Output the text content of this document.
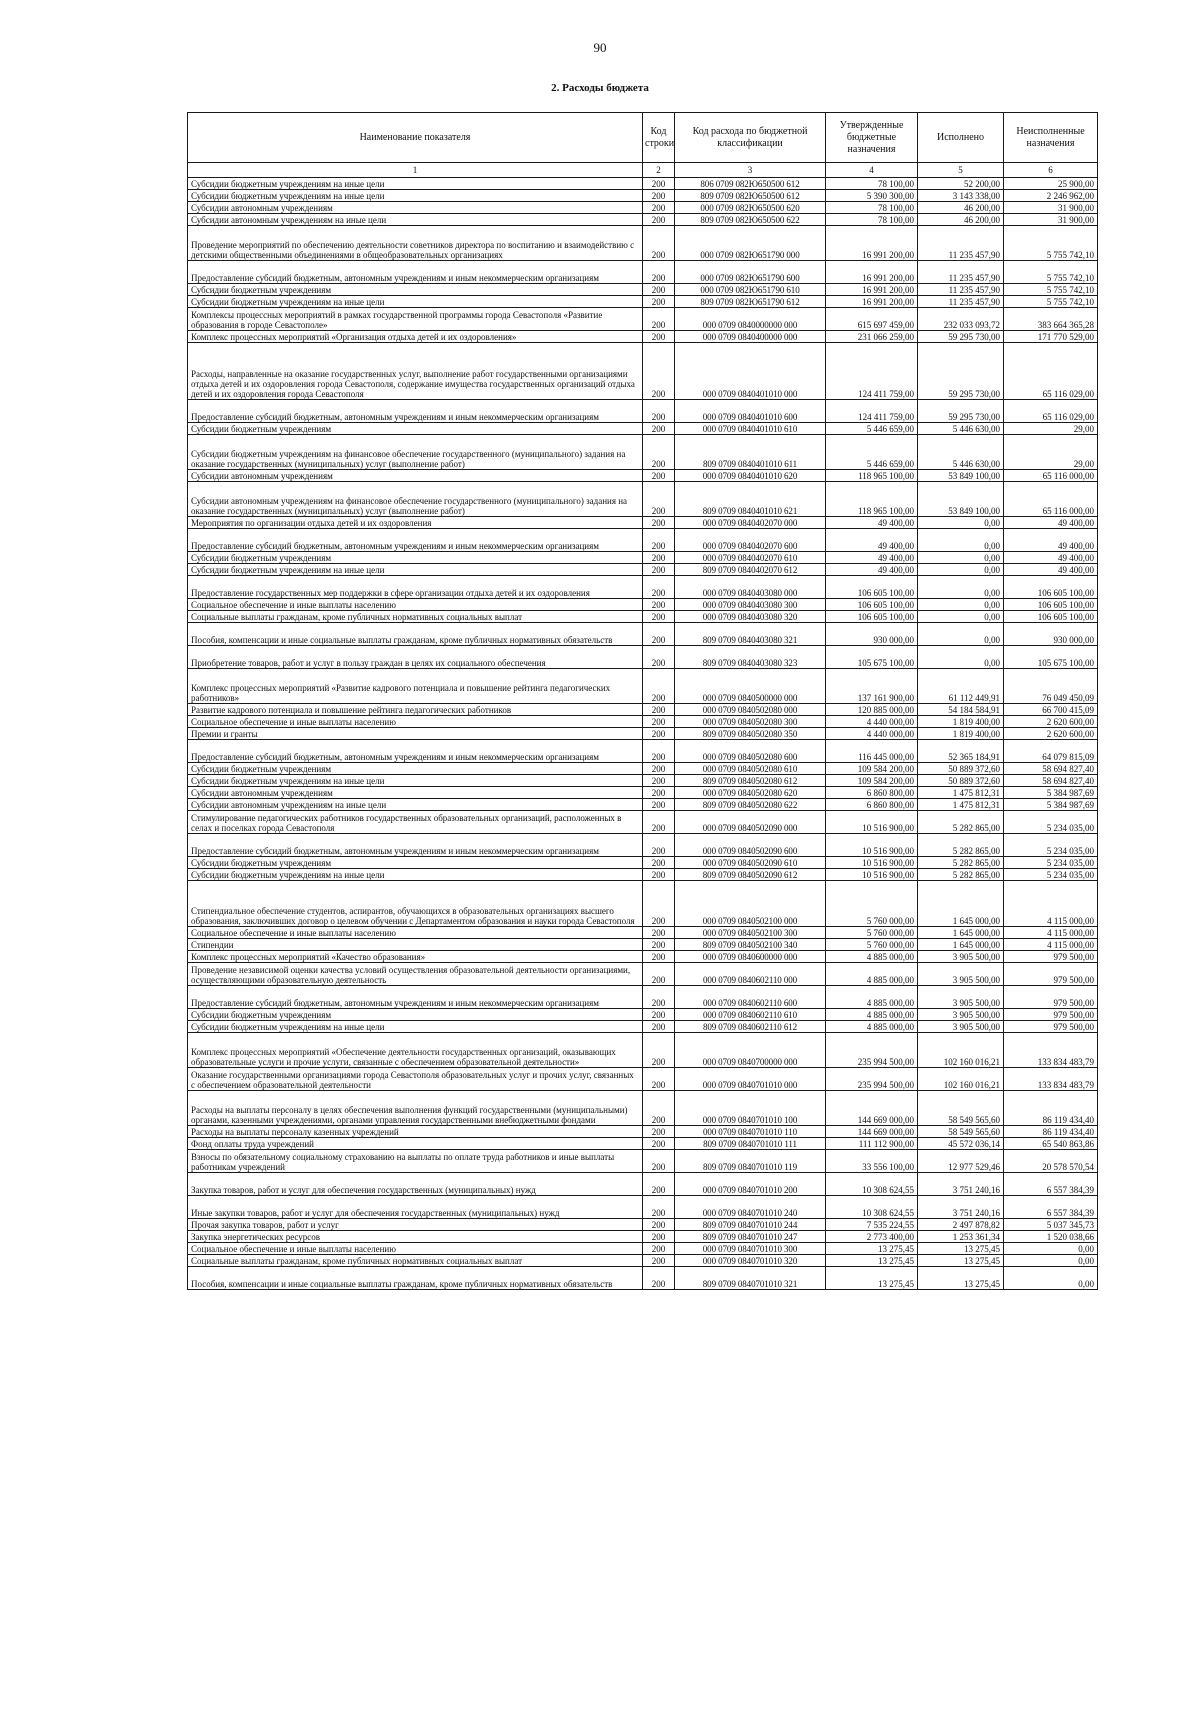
90
2. Расходы бюджета
Наименование показателя	Код строки	Код расхода по бюджетной классификации	Утвержденные бюджетные назначения	Исполнено	Неисполненные назначения
1	2	3	4	5	6
Субсидии бюджетным учреждениям на иные цели	200	806 0709 082Ю650500 612	78 100,00	52 200,00	25 900,00
Субсидии бюджетным учреждениям на иные цели	200	809 0709 082Ю650500 612	5 390 300,00	3 143 338,00	2 246 962,00
Субсидии автономным учреждениям	200	000 0709 082Ю650500 620	78 100,00	46 200,00	31 900,00
Субсидии автономным учреждениям на иные цели	200	809 0709 082Ю650500 622	78 100,00	46 200,00	31 900,00
Проведение мероприятий по обеспечению деятельности советников директора по воспитанию и взаимодействию с детскими общественными объединениями в общеобразовательных организациях	200	000 0709 082Ю651790 000	16 991 200,00	11 235 457,90	5 755 742,10
Предоставление субсидий бюджетным, автономным учреждениям и иным некоммерческим организациям	200	000 0709 082Ю651790 600	16 991 200,00	11 235 457,90	5 755 742,10
Субсидии бюджетным учреждениям	200	000 0709 082Ю651790 610	16 991 200,00	11 235 457,90	5 755 742,10
Субсидии бюджетным учреждениям на иные цели	200	809 0709 082Ю651790 612	16 991 200,00	11 235 457,90	5 755 742,10
Комплексы процессных мероприятий в рамках государственной программы города Севастополя «Развитие образования в городе Севастополе»	200	000 0709 0840000000 000	615 697 459,00	232 033 093,72	383 664 365,28
Комплекс процессных мероприятий «Организация отдыха детей и их оздоровления»	200	000 0709 0840400000 000	231 066 259,00	59 295 730,00	171 770 529,00
Расходы, направленные на оказание государственных услуг, выполнение работ государственными организациями отдыха детей и их оздоровления города Севастополя, содержание имущества государственных организаций отдыха детей и их оздоровления города Севастополя	200	000 0709 0840401010 000	124 411 759,00	59 295 730,00	65 116 029,00
Предоставление субсидий бюджетным, автономным учреждениям и иным некоммерческим организациям	200	000 0709 0840401010 600	124 411 759,00	59 295 730,00	65 116 029,00
Субсидии бюджетным учреждениям	200	000 0709 0840401010 610	5 446 659,00	5 446 630,00	29,00
Субсидии бюджетным учреждениям на финансовое обеспечение государственного (муниципального) задания на оказание государственных (муниципальных) услуг (выполнение работ)	200	809 0709 0840401010 611	5 446 659,00	5 446 630,00	29,00
Субсидии автономным учреждениям	200	000 0709 0840401010 620	118 965 100,00	53 849 100,00	65 116 000,00
Субсидии автономным учреждениям на финансовое обеспечение государственного (муниципального) задания на оказание государственных (муниципальных) услуг (выполнение работ)	200	809 0709 0840401010 621	118 965 100,00	53 849 100,00	65 116 000,00
Мероприятия по организации отдыха детей и их оздоровления	200	000 0709 0840402070 000	49 400,00	0,00	49 400,00
Предоставление субсидий бюджетным, автономным учреждениям и иным некоммерческим организациям	200	000 0709 0840402070 600	49 400,00	0,00	49 400,00
Субсидии бюджетным учреждениям	200	000 0709 0840402070 610	49 400,00	0,00	49 400,00
Субсидии бюджетным учреждениям на иные цели	200	809 0709 0840402070 612	49 400,00	0,00	49 400,00
Предоставление государственных мер поддержки в сфере организации отдыха детей и их оздоровления	200	000 0709 0840403080 000	106 605 100,00	0,00	106 605 100,00
Социальное обеспечение и иные выплаты населению	200	000 0709 0840403080 300	106 605 100,00	0,00	106 605 100,00
Социальные выплаты гражданам, кроме публичных нормативных социальных выплат	200	000 0709 0840403080 320	106 605 100,00	0,00	106 605 100,00
Пособия, компенсации и иные социальные выплаты гражданам, кроме публичных нормативных обязательств	200	809 0709 0840403080 321	930 000,00	0,00	930 000,00
Приобретение товаров, работ и услуг в пользу граждан в целях их социального обеспечения	200	809 0709 0840403080 323	105 675 100,00	0,00	105 675 100,00
Комплекс процессных мероприятий «Развитие кадрового потенциала и повышение рейтинга педагогических работников»	200	000 0709 0840500000 000	137 161 900,00	61 112 449,91	76 049 450,09
Развитие кадрового потенциала и повышение рейтинга педагогических работников	200	000 0709 0840502080 000	120 885 000,00	54 184 584,91	66 700 415,09
Социальное обеспечение и иные выплаты населению	200	000 0709 0840502080 300	4 440 000,00	1 819 400,00	2 620 600,00
Премии и гранты	200	809 0709 0840502080 350	4 440 000,00	1 819 400,00	2 620 600,00
Предоставление субсидий бюджетным, автономным учреждениям и иным некоммерческим организациям	200	000 0709 0840502080 600	116 445 000,00	52 365 184,91	64 079 815,09
Субсидии бюджетным учреждениям	200	000 0709 0840502080 610	109 584 200,00	50 889 372,60	58 694 827,40
Субсидии бюджетным учреждениям на иные цели	200	809 0709 0840502080 612	109 584 200,00	50 889 372,60	58 694 827,40
Субсидии автономным учреждениям	200	000 0709 0840502080 620	6 860 800,00	1 475 812,31	5 384 987,69
Субсидии автономным учреждениям на иные цели	200	809 0709 0840502080 622	6 860 800,00	1 475 812,31	5 384 987,69
Стимулирование педагогических работников государственных образовательных организаций, расположенных в селах и поселках города Севастополя	200	000 0709 0840502090 000	10 516 900,00	5 282 865,00	5 234 035,00
Предоставление субсидий бюджетным, автономным учреждениям и иным некоммерческим организациям	200	000 0709 0840502090 600	10 516 900,00	5 282 865,00	5 234 035,00
Субсидии бюджетным учреждениям	200	000 0709 0840502090 610	10 516 900,00	5 282 865,00	5 234 035,00
Субсидии бюджетным учреждениям на иные цели	200	809 0709 0840502090 612	10 516 900,00	5 282 865,00	5 234 035,00
Стипендиальное обеспечение студентов, аспирантов, обучающихся в образовательных организациях высшего образования, заключивших договор о целевом обучении с Департаментом образования и науки города Севастополя	200	000 0709 0840502100 000	5 760 000,00	1 645 000,00	4 115 000,00
Социальное обеспечение и иные выплаты населению	200	000 0709 0840502100 300	5 760 000,00	1 645 000,00	4 115 000,00
Стипендии	200	809 0709 0840502100 340	5 760 000,00	1 645 000,00	4 115 000,00
Комплекс процессных мероприятий «Качество образования»	200	000 0709 0840600000 000	4 885 000,00	3 905 500,00	979 500,00
Проведение независимой оценки качества условий осуществления образовательной деятельности организациями, осуществляющими образовательную деятельность	200	000 0709 0840602110 000	4 885 000,00	3 905 500,00	979 500,00
Предоставление субсидий бюджетным, автономным учреждениям и иным некоммерческим организациям	200	000 0709 0840602110 600	4 885 000,00	3 905 500,00	979 500,00
Субсидии бюджетным учреждениям	200	000 0709 0840602110 610	4 885 000,00	3 905 500,00	979 500,00
Субсидии бюджетным учреждениям на иные цели	200	809 0709 0840602110 612	4 885 000,00	3 905 500,00	979 500,00
Комплекс процессных мероприятий «Обеспечение деятельности государственных организаций, оказывающих образовательные услуги и прочие услуги, связанные с обеспечением образовательной деятельности»	200	000 0709 0840700000 000	235 994 500,00	102 160 016,21	133 834 483,79
Оказание государственными организациями города Севастополя образовательных услуг и прочих услуг, связанных с обеспечением образовательной деятельности	200	000 0709 0840701010 000	235 994 500,00	102 160 016,21	133 834 483,79
Расходы на выплаты персоналу в целях обеспечения выполнения функций государственными (муниципальными) органами, казенными учреждениями, органами управления государственными внебюджетными фондами	200	000 0709 0840701010 100	144 669 000,00	58 549 565,60	86 119 434,40
Расходы на выплаты персоналу казенных учреждений	200	000 0709 0840701010 110	144 669 000,00	58 549 565,60	86 119 434,40
Фонд оплаты труда учреждений	200	809 0709 0840701010 111	111 112 900,00	45 572 036,14	65 540 863,86
Взносы по обязательному социальному страхованию на выплаты по оплате труда работников и иные выплаты работникам учреждений	200	809 0709 0840701010 119	33 556 100,00	12 977 529,46	20 578 570,54
Закупка товаров, работ и услуг для обеспечения государственных (муниципальных) нужд	200	000 0709 0840701010 200	10 308 624,55	3 751 240,16	6 557 384,39
Иные закупки товаров, работ и услуг для обеспечения государственных (муниципальных) нужд	200	000 0709 0840701010 240	10 308 624,55	3 751 240,16	6 557 384,39
Прочая закупка товаров, работ и услуг	200	809 0709 0840701010 244	7 535 224,55	2 497 878,82	5 037 345,73
Закупка энергетических ресурсов	200	809 0709 0840701010 247	2 773 400,00	1 253 361,34	1 520 038,66
Социальное обеспечение и иные выплаты населению	200	000 0709 0840701010 300	13 275,45	13 275,45	0,00
Социальные выплаты гражданам, кроме публичных нормативных социальных выплат	200	000 0709 0840701010 320	13 275,45	13 275,45	0,00
Пособия, компенсации и иные социальные выплаты гражданам, кроме публичных нормативных обязательств	200	809 0709 0840701010 321	13 275,45	13 275,45	0,00
